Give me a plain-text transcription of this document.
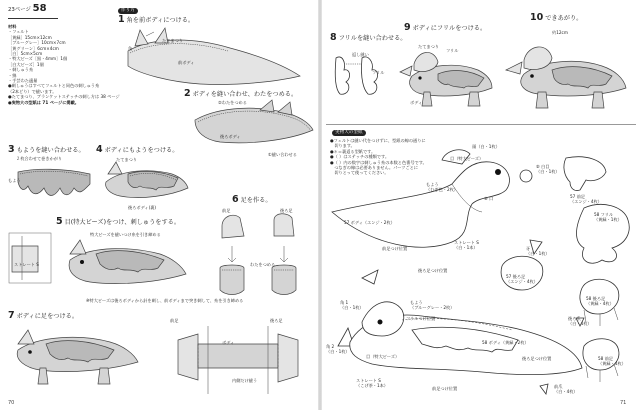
23ページ 58
材料
・フェルト
［黄緑］15cm×12cm
［ブルーグレー］10cm×7cm
［黄グリーン］6cm×4cm
［白］5cm×5cm
・特大ビーズ［黒・4mm］1個
［白大ビーズ］1個
・刺しゅう糸
・綿
・手芸わた適量
●刺しゅうはすべてフェルトと同色の刺しゅう糸
（2本どり）で縫います。
●たてまつり、ブランケットステッチの刺し方は 38 ページ
●実物大の型紙は 71 ページに掲載。
作り方
1 角を前ボディにつける。
たてまつり
角
前ボディ
2 ボディを縫い合わせ、わたをつめる。
②わたをつめる
後ろボディ
①縫い合わせる
3 もようを縫い合わせる。
２枚合わせて巻きかがり
もよう
4 ボディにもようをつける。
たてまつり
後ろボディ(裏)
5 目(特大ビーズ)をつけ、刺しゅうをする。
特大ビーズを縫いつけ糸を引き締める
ストレート S
※特大ビーズは後ろボディから針を刺し、前ボディまで突き刺して、糸を引き締める
6 足を作る。
前足	後ろ足
わたをつめる
7 ボディに足をつける。
ボディ
後ろ足
前足
内側だけ縫う
70
8 フリルを縫い合わせる。
返し縫い
フリル
9 ボディにフリルをつける。
たてまつり
フリル
ボディ
10 できあがり。
約12cm
実物大の型紙
●フェルトは縫い代をつけずに、型紙の線の通りに
　切ります。
●＊＝裏返る型紙です。
●（ ）はステッチの種類です。
●（ ）内の数字は刺しゅう糸の本数と色番号です。
　つなぎの線は必要ありません。パーツごとに
　切りとって使ってください。
目（特大ビーズ）
頭（白・1枚）
⑧ 口
⑤ 白目
（白・1枚）
57 前足
（エンジ・4枚）
58 フリル
（黄緑・1枚）
57 ボディ（エンジ・2枚）
もよう
（むぎ色・2枚）
ストレート S
（白・1本）	牙
（白・1枚）
後ろ足つけ位置
前足つけ位置
57 後ろ足
（エンジ・4枚）
58 後ろ足
（黄緑・4枚）
角 1
（白・1枚）
もよう
（ブルーグレー・2枚）
フリルつけ位置
角 2
（白・1枚）
目（特大ビーズ）
58 ボディ（黄緑・2枚）
ストレート S
（こげ茶・1本）
後ろ足つけ位置
前足つけ位置
58 前足
（黄緑・4枚）
前爪
（白・4枚）
後ろ爪
（白・4枚）
71
